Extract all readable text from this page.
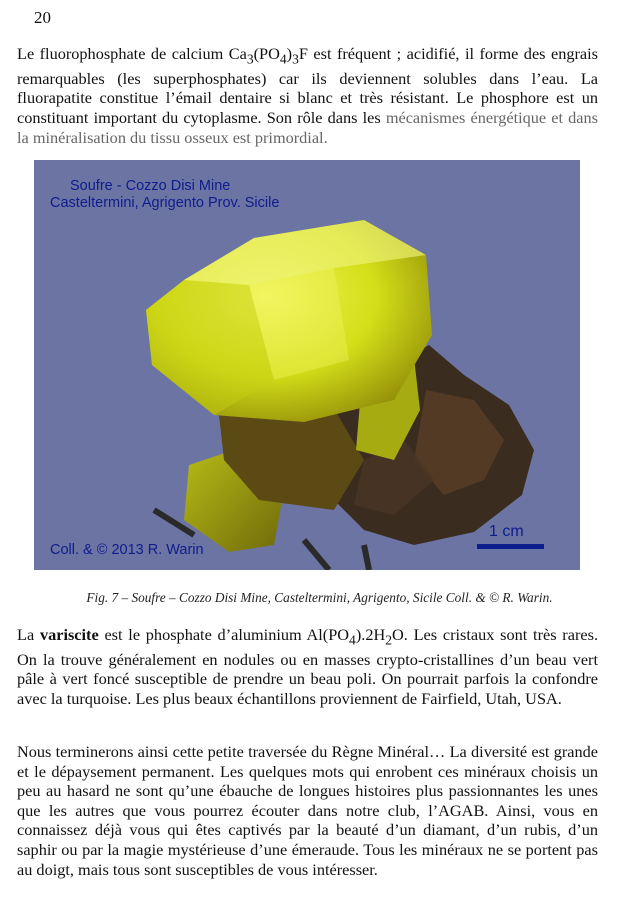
20

Le fluorophosphate de calcium $Ca_3(PO_4)_3F$ est fréquent ; acidifié, il forme des engrais remarquables (les superphosphates) car ils deviennent solubles dans l’eau. La fluorapatite constitue l’émail dentaire si blanc et très résistant. Le phosphore est un constituant important du cytoplasme. Son rôle dans les mécanismes énergétique et dans la minéralisation du tissu osseux est primordial.

Soufre - Cozzo Disi Mine
Casteltermini, Agrigento Prov. Sicile
Coll. & © 2013 R. Warin
1 cm
Fig. 7 – Soufre – Cozzo Disi Mine, Casteltermini, Agrigento, Sicile Coll. & © R. Warin.

La variscite est le phosphate d’aluminium $Al(PO_4).2H_2O$. Les cristaux sont très rares. On la trouve généralement en nodules ou en masses crypto-cristallines d’un beau vert pâle à vert foncé susceptible de prendre un beau poli. On pourrait parfois la confondre avec la turquoise. Les plus beaux échantillons proviennent de Fairfield, Utah, USA.

Nous terminerons ainsi cette petite traversée du Règne Minéral… La diversité est grande et le dépaysement permanent. Les quelques mots qui enrobent ces minéraux choisis un peu au hasard ne sont qu’une ébauche de longues histoires plus passionnantes les unes que les autres que vous pourrez écouter dans notre club, l’AGAB. Ainsi, vous en connaissez déjà vous qui êtes captivés par la beauté d’un diamant, d’un rubis, d’un saphir ou par la magie mystérieuse d’une émeraude. Tous les minéraux ne se portent pas au doigt, mais tous sont susceptibles de vous intéresser.
